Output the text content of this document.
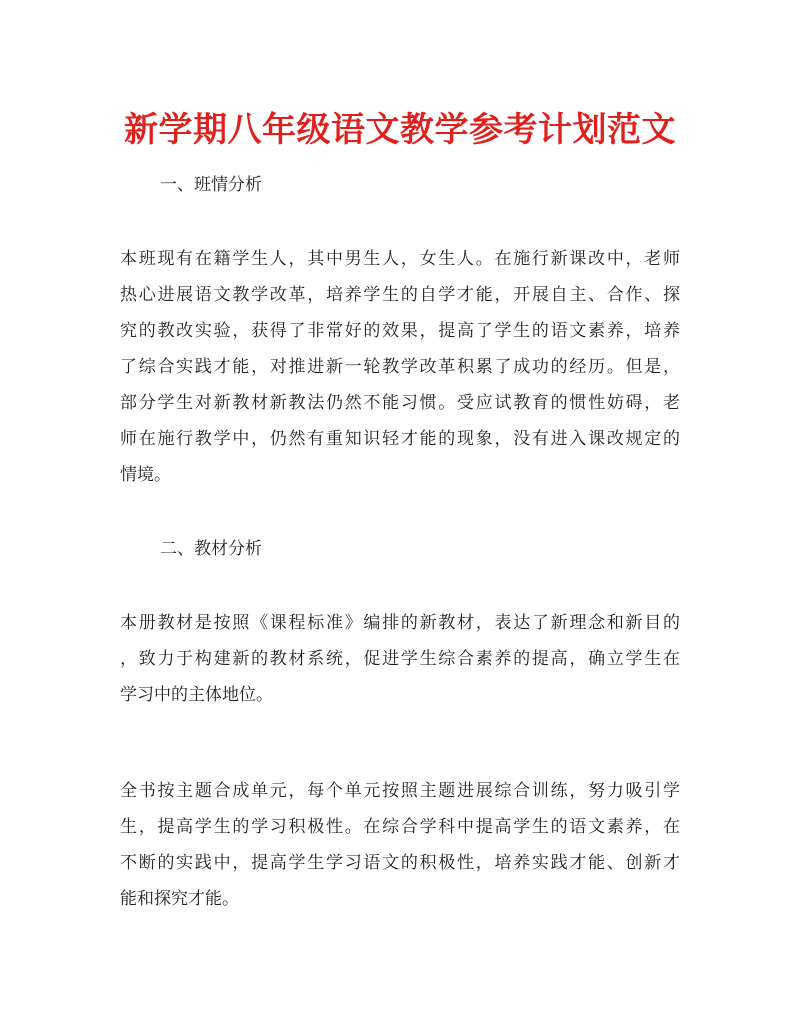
新学期八年级语文教学参考计划范文

一、班情分析

本班现有在籍学生人，其中男生人，女生人。在施行新课改中，老师
热心进展语文教学改革，培养学生的自学才能，开展自主、合作、探
究的教改实验，获得了非常好的效果，提高了学生的语文素养，培养
了综合实践才能，对推进新一轮教学改革积累了成功的经历。但是，
部分学生对新教材新教法仍然不能习惯。受应试教育的惯性妨碍，老
师在施行教学中，仍然有重知识轻才能的现象，没有进入课改规定的
情境。

二、教材分析

本册教材是按照《课程标准》编排的新教材，表达了新理念和新目的
，致力于构建新的教材系统，促进学生综合素养的提高，确立学生在
学习中的主体地位。

全书按主题合成单元，每个单元按照主题进展综合训练，努力吸引学
生，提高学生的学习积极性。在综合学科中提高学生的语文素养，在
不断的实践中，提高学生学习语文的积极性，培养实践才能、创新才
能和探究才能。
